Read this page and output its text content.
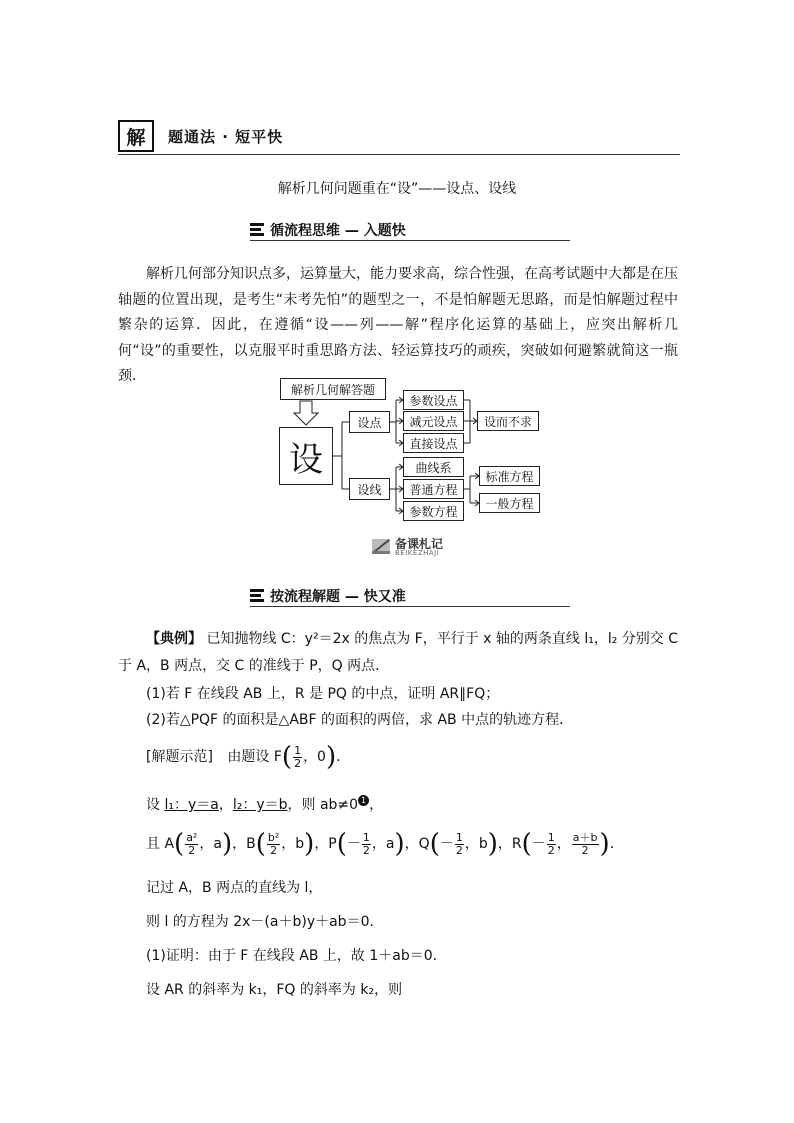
解	题通法 · 短平快
解析几何问题重在“设”——设点、设线
循流程思维 — 入题快
解析几何部分知识点多，运算量大，能力要求高，综合性强，在高考试题中大都是在压轴题的位置出现，是考生“未考先怕”的题型之一，不是怕解题无思路，而是怕解题过程中繁杂的运算．因此，在遵循“设——列——解”程序化运算的基础上，应突出解析几何“设”的重要性，以克服平时重思路方法、轻运算技巧的顽疾，突破如何避繁就简这一瓶颈．
解析几何解答题
设
设点
设线
参数设点
减元设点
直接设点
设而不求
曲线系
普通方程
参数方程
标准方程
一般方程
备课札记
BEIKEZHAJI
按流程解题 — 快又准
【典例】 已知抛物线 C：y²＝2x 的焦点为 F，平行于 x 轴的两条直线 l₁，l₂ 分别交 C
于 A，B 两点，交 C 的准线于 P，Q 两点．
(1)若 F 在线段 AB 上，R 是 PQ 的中点，证明 AR∥FQ；
(2)若△PQF 的面积是△ABF 的面积的两倍，求 AB 中点的轨迹方程．
[解题示范] 由题设 $F( \frac{1}{2}$ ，0)．
设 l₁：y＝a，l₂：y＝b，则 ab≠0 1 ，
且 $A( \frac{\text{a²}}{2}$ ，a)，$B( \frac{\text{b²}}{2}$ ，b)，$P(- \frac{1}{2}$ ，a)，$Q(- \frac{1}{2}$ ，b)，$R(- \frac{1}{2}$ ， $\frac{a+b}{2}$ )．
记过 A，B 两点的直线为 l，
则 l 的方程为 2x－(a＋b)y＋ab＝0．
(1)证明：由于 F 在线段 AB 上，故 1＋ab＝0．
设 AR 的斜率为 k₁，FQ 的斜率为 k₂，则
